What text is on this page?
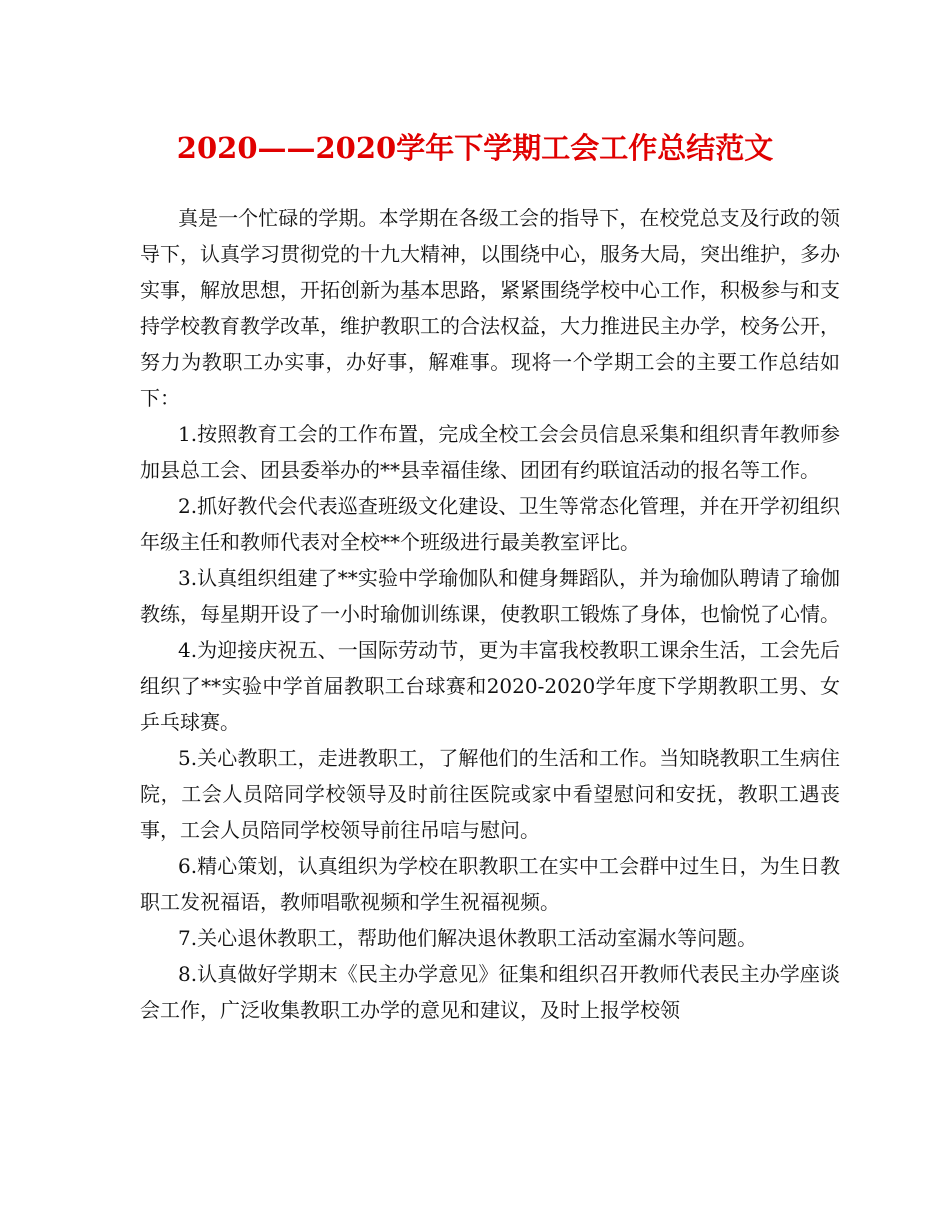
2020——2020学年下学期工会工作总结范文

真是一个忙碌的学期。本学期在各级工会的指导下，在校党总支及行政的领导下，认真学习贯彻党的十九大精神，以围绕中心，服务大局，突出维护，多办实事，解放思想，开拓创新为基本思路，紧紧围绕学校中心工作，积极参与和支持学校教育教学改革，维护教职工的合法权益，大力推进民主办学，校务公开，努力为教职工办实事，办好事，解难事。现将一个学期工会的主要工作总结如下：

1.按照教育工会的工作布置，完成全校工会会员信息采集和组织青年教师参加县总工会、团县委举办的**县幸福佳缘、团团有约联谊活动的报名等工作。

2.抓好教代会代表巡查班级文化建设、卫生等常态化管理，并在开学初组织年级主任和教师代表对全校**个班级进行最美教室评比。

3.认真组织组建了**实验中学瑜伽队和健身舞蹈队，并为瑜伽队聘请了瑜伽教练，每星期开设了一小时瑜伽训练课，使教职工锻炼了身体，也愉悦了心情。

4.为迎接庆祝五、一国际劳动节，更为丰富我校教职工课余生活，工会先后组织了**实验中学首届教职工台球赛和2020-2020学年度下学期教职工男、女乒乓球赛。

5.关心教职工，走进教职工，了解他们的生活和工作。当知晓教职工生病住院，工会人员陪同学校领导及时前往医院或家中看望慰问和安抚，教职工遇丧事，工会人员陪同学校领导前往吊唁与慰问。

6.精心策划，认真组织为学校在职教职工在实中工会群中过生日，为生日教职工发祝福语，教师唱歌视频和学生祝福视频。

7.关心退休教职工，帮助他们解决退休教职工活动室漏水等问题。

8.认真做好学期末《民主办学意见》征集和组织召开教师代表民主办学座谈会工作，广泛收集教职工办学的意见和建议，及时上报学校领
